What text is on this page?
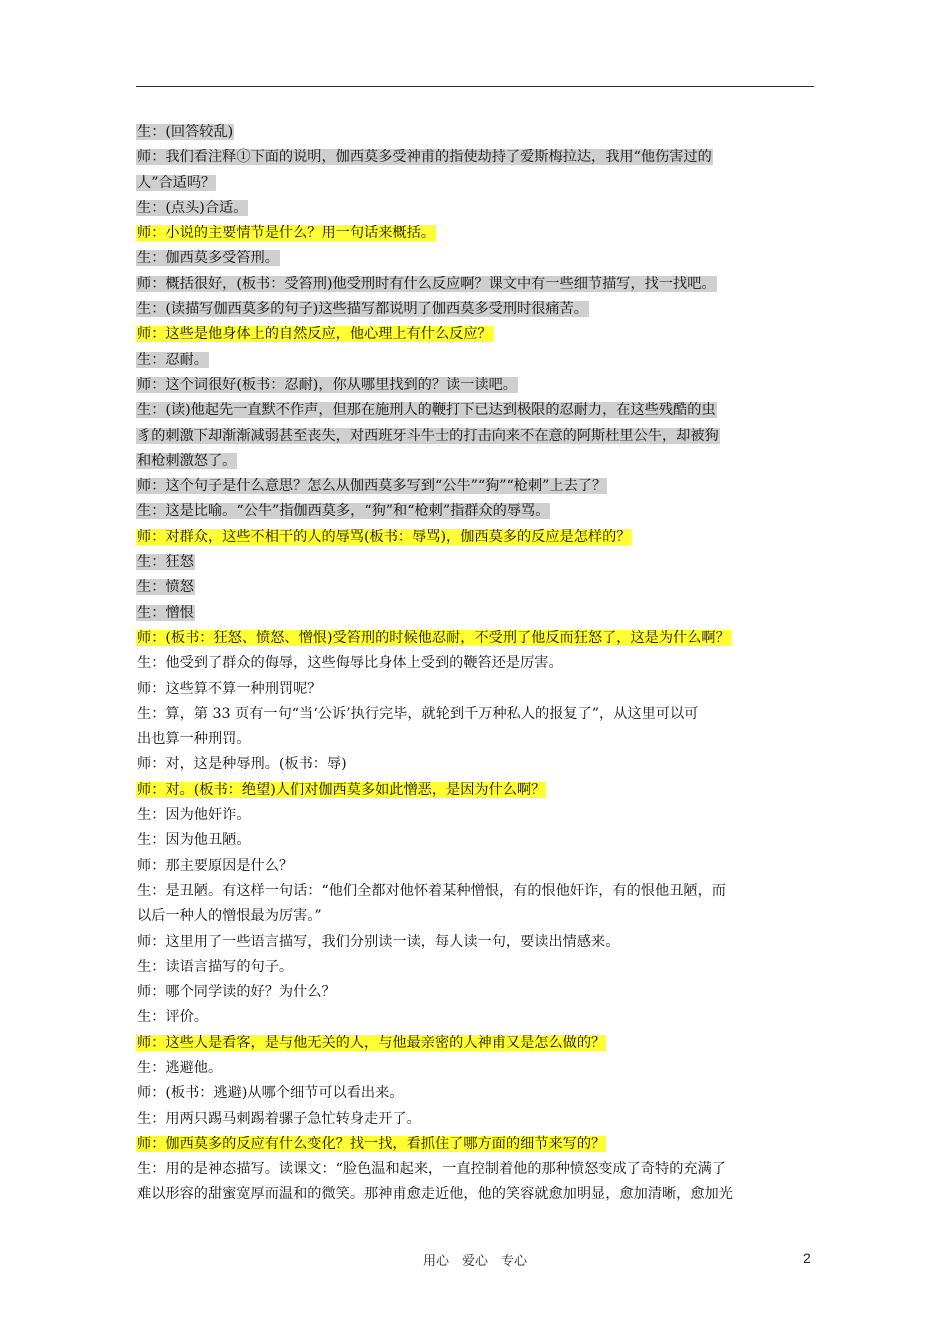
生：(回答较乱)
师：我们看注释①下面的说明，伽西莫多受神甫的指使劫持了爱斯梅拉达，我用“他伤害过的
人”合适吗？
生：(点头)合适。
师：小说的主要情节是什么？用一句话来概括。
生：伽西莫多受笞刑。
师：概括很好，(板书：受笞刑)他受刑时有什么反应啊？课文中有一些细节描写，找一找吧。
生：(读描写伽西莫多的句子)这些描写都说明了伽西莫多受刑时很痛苦。
师：这些是他身体上的自然反应，他心理上有什么反应？
生：忍耐。
师：这个词很好(板书：忍耐)，你从哪里找到的？读一读吧。
生：(读)他起先一直默不作声，但那在施刑人的鞭打下已达到极限的忍耐力，在这些残酷的虫
豸的刺激下却渐渐减弱甚至丧失，对西班牙斗牛士的打击向来不在意的阿斯杜里公牛，却被狗
和枪刺激怒了。
师：这个句子是什么意思？怎么从伽西莫多写到“公牛”“狗”“枪刺”上去了？
生：这是比喻。“公牛”指伽西莫多，“狗”和“枪刺”指群众的辱骂。
师：对群众，这些不相干的人的辱骂(板书：辱骂)，伽西莫多的反应是怎样的？
生：狂怒
生：愤怒
生：憎恨
师：(板书：狂怒、愤怒、憎恨)受笞刑的时候他忍耐，不受刑了他反而狂怒了，这是为什么啊？
生：他受到了群众的侮辱，这些侮辱比身体上受到的鞭笞还是厉害。
师：这些算不算一种刑罚呢？
生：算，第 33 页有一句“当‘公诉’执行完毕，就轮到千万种私人的报复了”，从这里可以可
出也算一种刑罚。
师：对，这是种辱刑。(板书：辱)
师：对。(板书：绝望)人们对伽西莫多如此憎恶，是因为什么啊？
生：因为他奸诈。
生：因为他丑陋。
师：那主要原因是什么？
生：是丑陋。有这样一句话：“他们全都对他怀着某种憎恨，有的恨他奸诈，有的恨他丑陋，而
以后一种人的憎恨最为厉害。”
师：这里用了一些语言描写，我们分别读一读，每人读一句，要读出情感来。
生：读语言描写的句子。
师：哪个同学读的好？为什么？
生：评价。
师：这些人是看客，是与他无关的人，与他最亲密的人神甫又是怎么做的？
生：逃避他。
师：(板书：逃避)从哪个细节可以看出来。
生：用两只踢马刺踢着骡子急忙转身走开了。
师：伽西莫多的反应有什么变化？找一找，看抓住了哪方面的细节来写的？
生：用的是神态描写。读课文：“脸色温和起来，一直控制着他的那种愤怒变成了奇特的充满了
难以形容的甜蜜宽厚而温和的微笑。那神甫愈走近他，他的笑容就愈加明显，愈加清晰，愈加光
用心　爱心　专心	2
